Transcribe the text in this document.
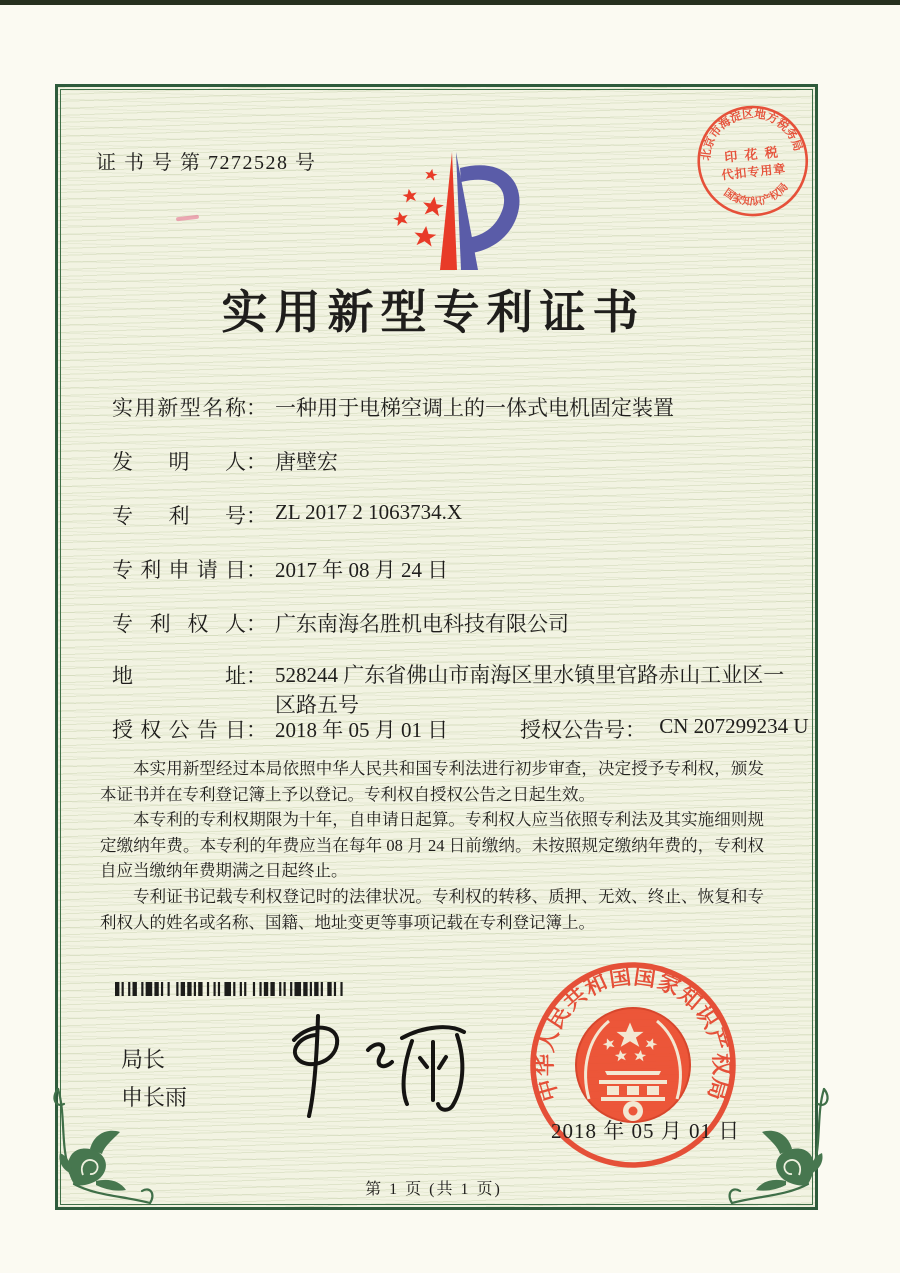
证 书 号 第 7272528 号	北京市海淀区地方税务局
国家知识产权局
印 花 税
代扣专用章
实用新型专利证书
实用新型名称： 一种用于电梯空调上的一体式电机固定装置
发明人： 唐壁宏
专利号： ZL 2017 2 1063734.X
专利申请日： 2017 年 08 月 24 日
专利权人： 广东南海名胜机电科技有限公司
地址： 528244 广东省佛山市南海区里水镇里官路赤山工业区一区路五号
授权公告日： 2018 年 05 月 01 日	授权公告号： CN 207299234 U

本实用新型经过本局依照中华人民共和国专利法进行初步审查，决定授予专利权，颁发本证书并在专利登记簿上予以登记。专利权自授权公告之日起生效。

本专利的专利权期限为十年，自申请日起算。专利权人应当依照专利法及其实施细则规定缴纳年费。本专利的年费应当在每年 08 月 24 日前缴纳。未按照规定缴纳年费的，专利权自应当缴纳年费期满之日起终止。

专利证书记载专利权登记时的法律状况。专利权的转移、质押、无效、终止、恢复和专利权人的姓名或名称、国籍、地址变更等事项记载在专利登记簿上。

局长
申长雨	中华人民共和国国家知识产权局
2018 年 05 月 01 日
第 1 页 (共 1 页)
